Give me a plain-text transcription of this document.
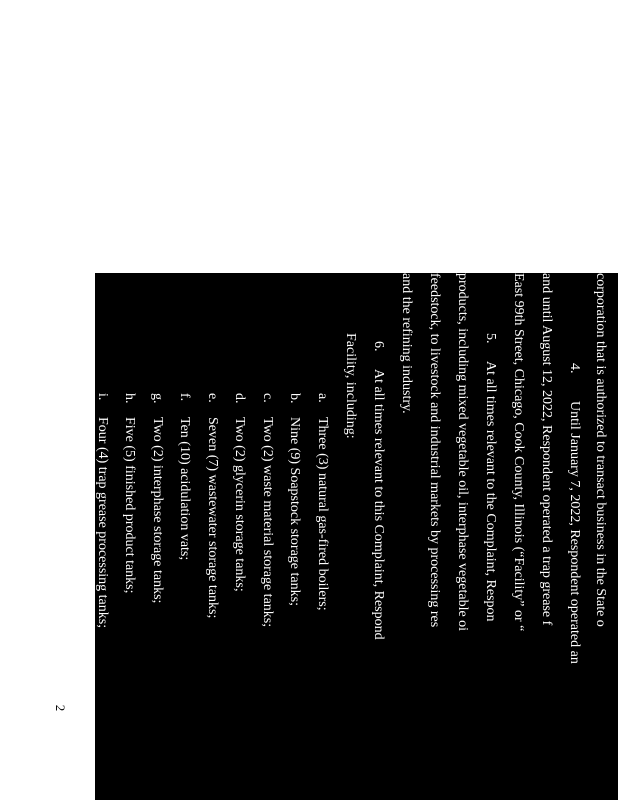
corporation that is authorized to transact business in the State o
4.
Until January 7, 2022, Respondent operated an
and until August 12, 2022, Respondent operated a trap grease f
East 99th Street, Chicago, Cook County, Illinois (“Facility” or “
5.
At all times relevant to the Complaint, Respon
products, including mixed vegetable oil, interphase vegetable oi
feedstock, to livestock and industrial markets by processing res
and the refining industry.
6.
At all times relevant to this Complaint, Respond
Facility, including:
a.
Three (3) natural gas-fired boilers;
b.
Nine (9) Soapstock storage tanks;
c.
Two (2) waste material storage tanks;
d.
Two (2) glycerin storage tanks;
e.
Seven (7) wastewater storage tanks;
f.
Ten (10) acidulation vats;
g.
Two (2) interphase storage tanks;
h.
Five (5) finished product tanks;
i.
Four (4) trap grease processing tanks;
2
